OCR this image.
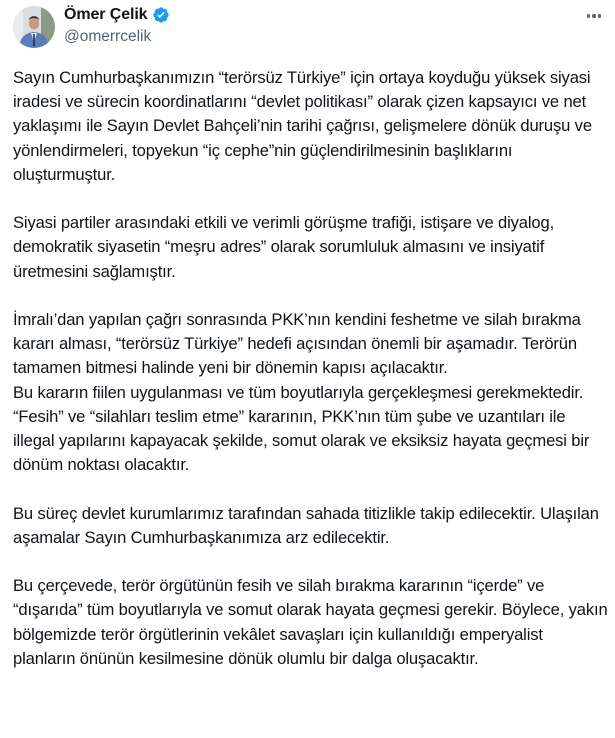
Ömer Çelik
@omerrcelik

Sayın Cumhurbaşkanımızın “terörsüz Türkiye” için ortaya koyduğu yüksek siyasi iradesi ve sürecin koordinatlarını “devlet politikası” olarak çizen kapsayıcı ve net yaklaşımı ile Sayın Devlet Bahçeli’nin tarihi çağrısı, gelişmelere dönük duruşu ve yönlendirmeleri, topyekun “iç cephe”nin güçlendirilmesinin başlıklarını oluşturmuştur.

Siyasi partiler arasındaki etkili ve verimli görüşme trafiği, istişare ve diyalog, demokratik siyasetin “meşru adres” olarak sorumluluk almasını ve insiyatif üretmesini sağlamıştır.

İmralı’dan yapılan çağrı sonrasında PKK’nın kendini feshetme ve silah bırakma kararı alması, “terörsüz Türkiye” hedefi açısından önemli bir aşamadır. Terörün tamamen bitmesi halinde yeni bir dönemin kapısı açılacaktır.

Bu kararın fiilen uygulanması ve tüm boyutlarıyla gerçekleşmesi gerekmektedir. “Fesih” ve “silahları teslim etme” kararının, PKK’nın tüm şube ve uzantıları ile illegal yapılarını kapayacak şekilde, somut olarak ve eksiksiz hayata geçmesi bir dönüm noktası olacaktır.

Bu süreç devlet kurumlarımız tarafından sahada titizlikle takip edilecektir. Ulaşılan aşamalar Sayın Cumhurbaşkanımıza arz edilecektir.

Bu çerçevede, terör örgütünün fesih ve silah bırakma kararının “içerde” ve “dışarıda” tüm boyutlarıyla ve somut olarak hayata geçmesi gerekir. Böylece, yakın bölgemizde terör örgütlerinin vekâlet savaşları için kullanıldığı emperyalist planların önünün kesilmesine dönük olumlu bir dalga oluşacaktır.
